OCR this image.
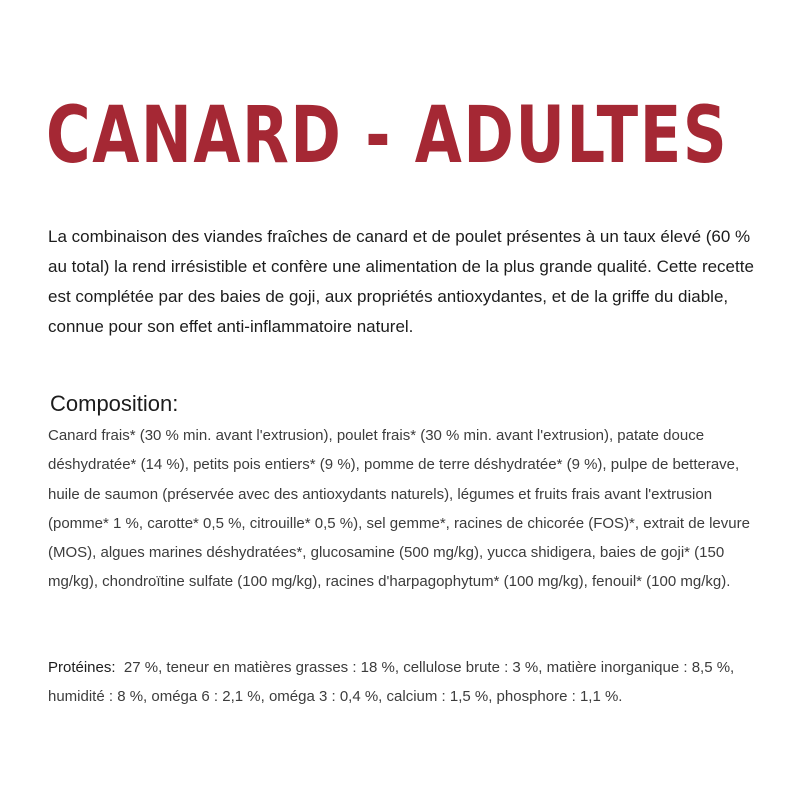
CANARD - ADULTES

La combinaison des viandes fraîches de canard et de poulet présentes à un taux élevé (60 % au total) la rend irrésistible et confère une alimentation de la plus grande qualité. Cette recette est complétée par des baies de goji, aux propriétés antioxydantes, et de la griffe du diable, connue pour son effet anti-inflammatoire naturel.

Composition:

Canard frais* (30 % min. avant l'extrusion), poulet frais* (30 % min. avant l'extrusion), patate douce déshydratée* (14 %), petits pois entiers* (9 %), pomme de terre déshydratée* (9 %), pulpe de betterave, huile de saumon (préservée avec des antioxydants naturels), légumes et fruits frais avant l'extrusion (pomme* 1 %, carotte* 0,5 %, citrouille* 0,5 %), sel gemme*, racines de chicorée (FOS)*, extrait de levure (MOS), algues marines déshydratées*, glucosamine (500 mg/kg), yucca shidigera, baies de goji* (150 mg/kg), chondroïtine sulfate (100 mg/kg), racines d'harpagophytum* (100 mg/kg), fenouil* (100 mg/kg).

Protéines: 27 %, teneur en matières grasses : 18 %, cellulose brute : 3 %, matière inorganique : 8,5 %, humidité : 8 %, oméga 6 : 2,1 %, oméga 3 : 0,4 %, calcium : 1,5 %, phosphore : 1,1 %.
